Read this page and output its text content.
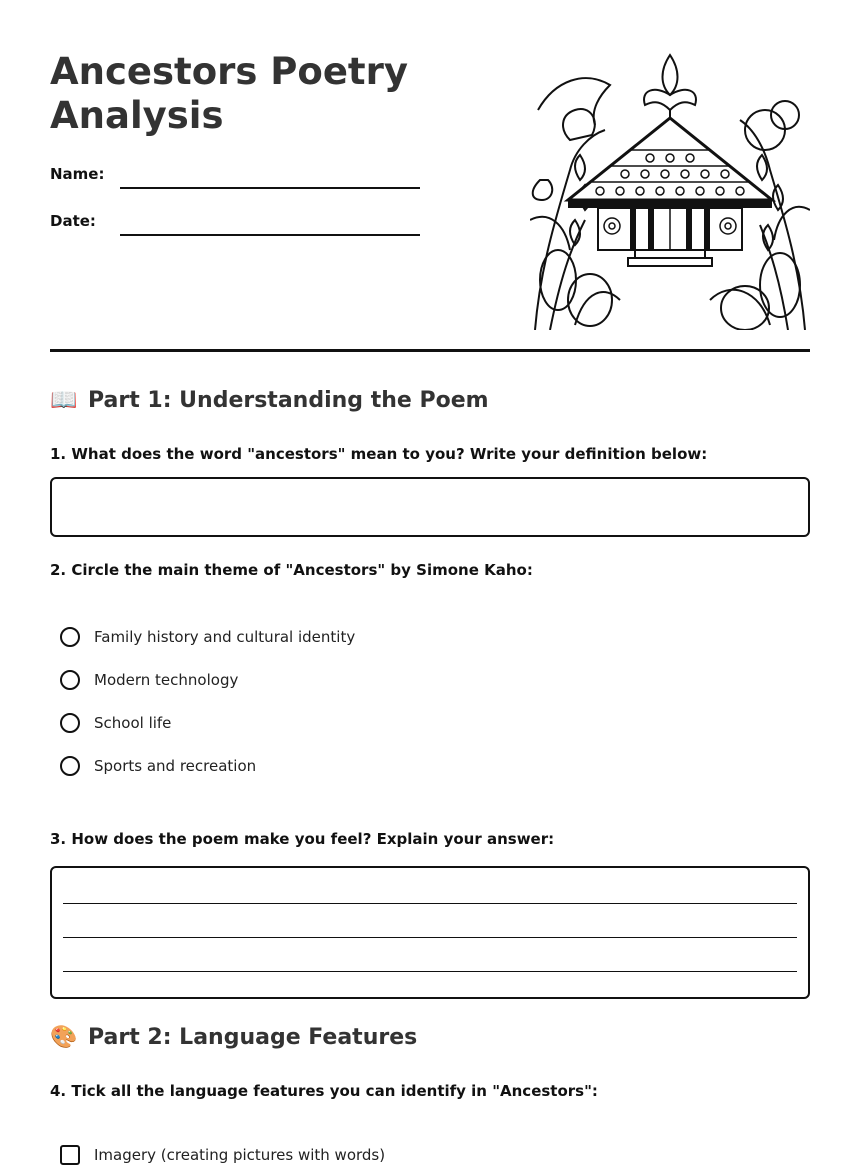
Ancestors Poetry Analysis
Name:
Date:
📖 Part 1: Understanding the Poem
1. What does the word "ancestors" mean to you? Write your definition below:
2. Circle the main theme of "Ancestors" by Simone Kaho:
Family history and cultural identity
Modern technology
School life
Sports and recreation
3. How does the poem make you feel? Explain your answer:
🎨 Part 2: Language Features
4. Tick all the language features you can identify in "Ancestors":
Imagery (creating pictures with words)
